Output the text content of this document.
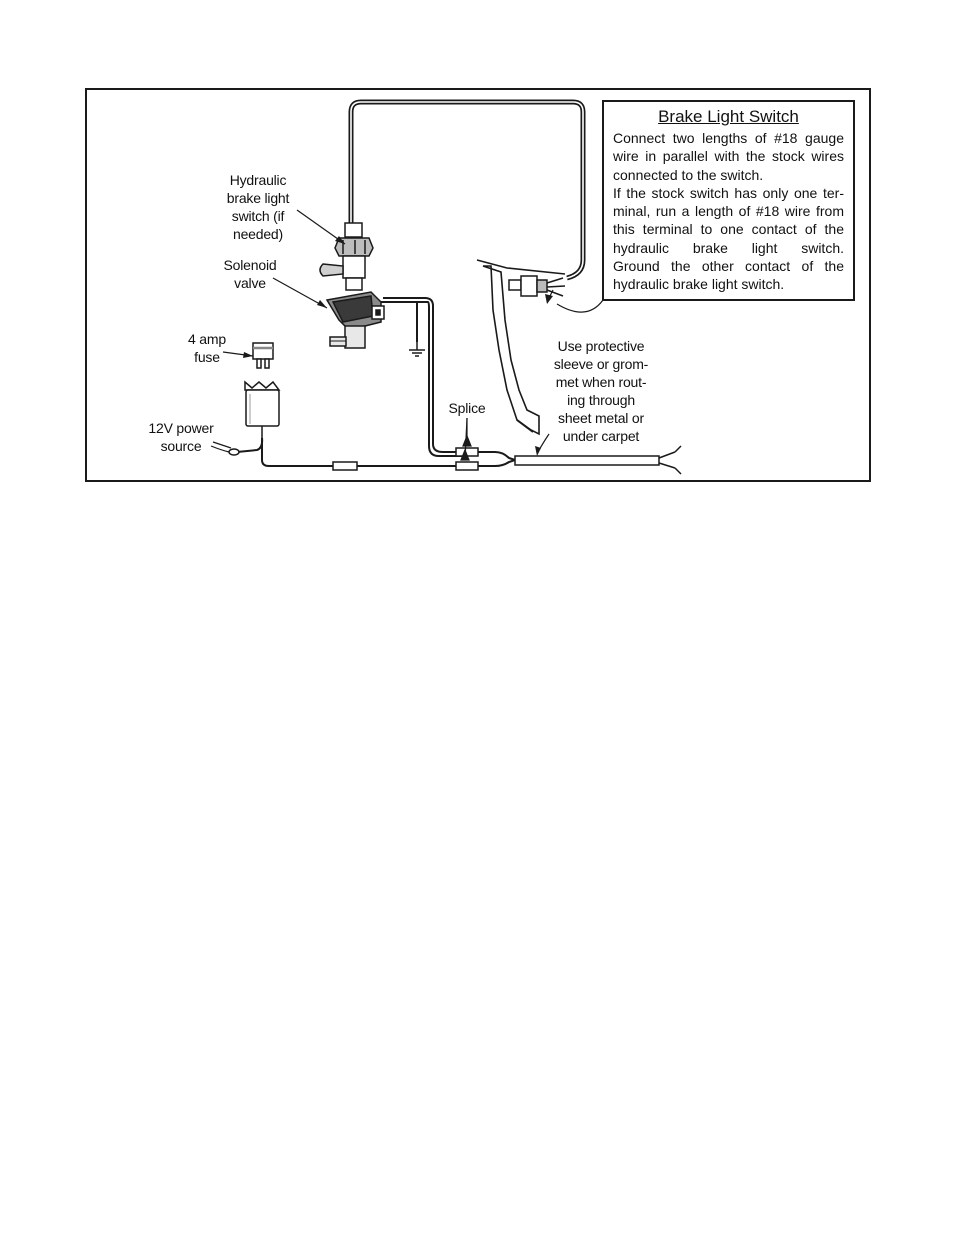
Hydraulic
brake light
switch (if
needed)
Solenoid
valve
4 amp
fuse
12V power
source
Splice
Use protective
sleeve or grom-
met when rout-
ing through
sheet metal or
under carpet
Brake Light Switch
Connect two lengths of #18 gauge
wire in parallel with the stock wires
connected to the switch.
If the stock switch has only one ter-
minal, run a length of #18 wire from
this terminal to one contact of the
hydraulic brake light switch.
Ground the other contact of the
hydraulic brake light switch.
